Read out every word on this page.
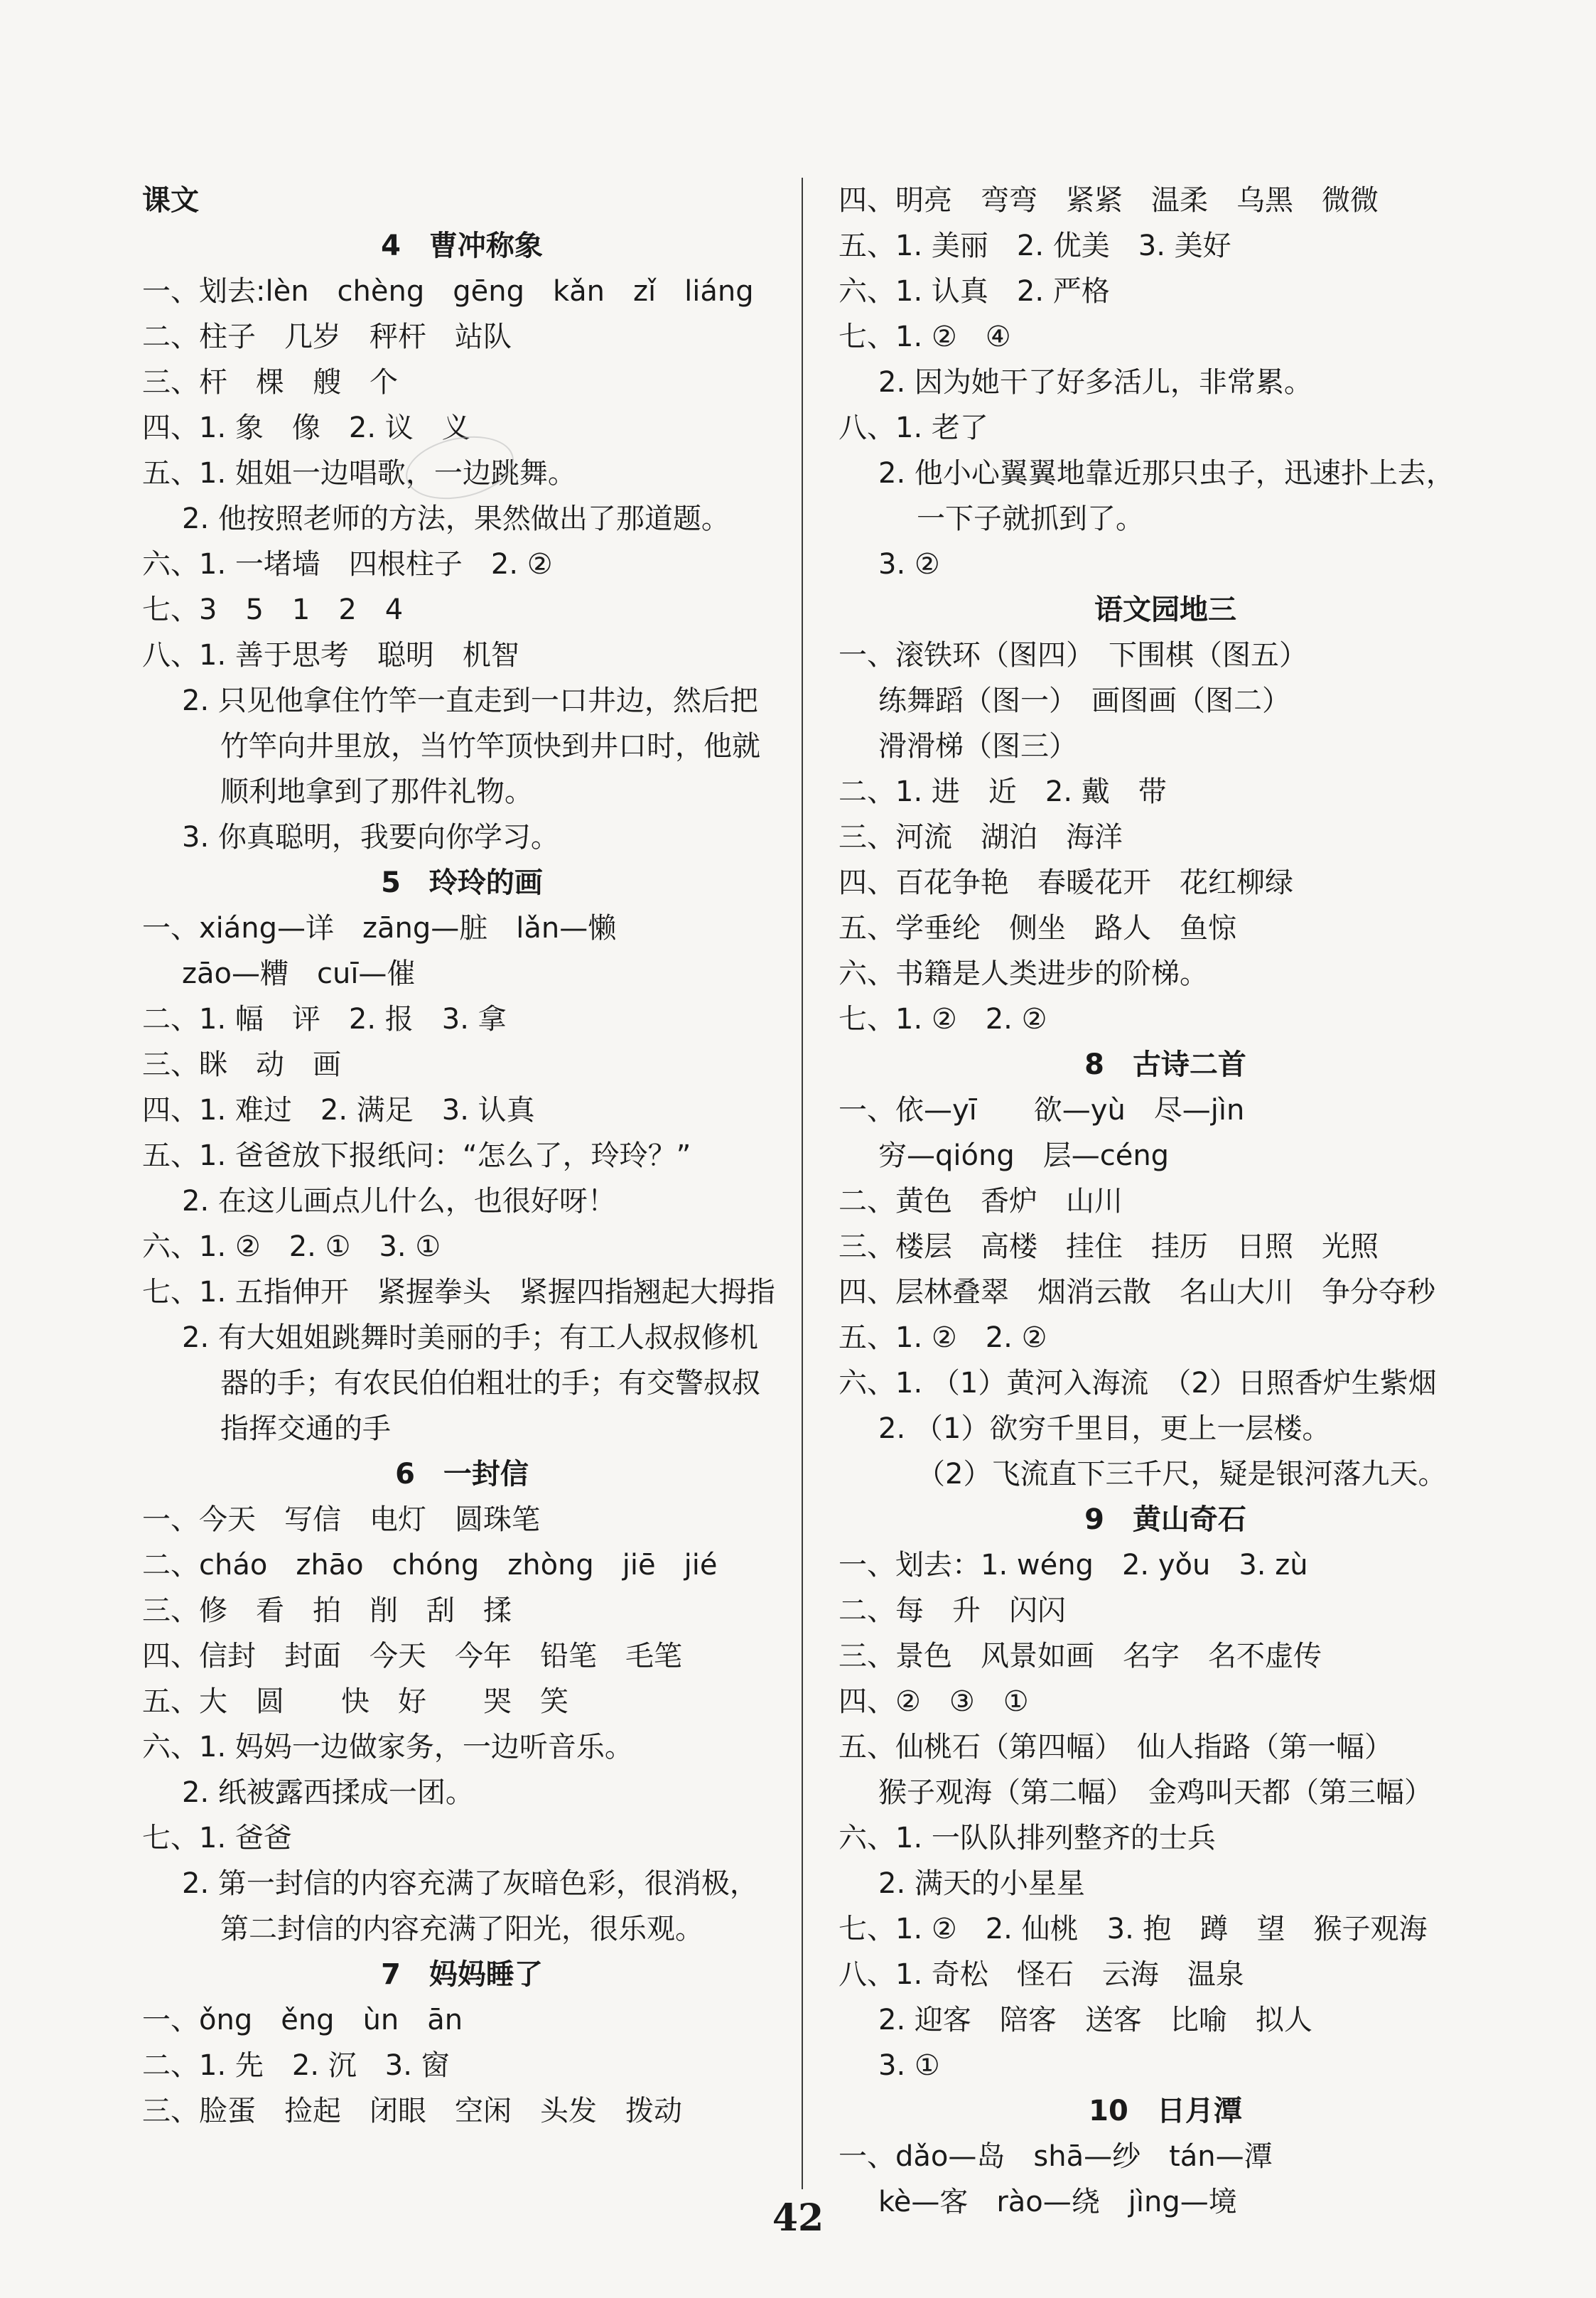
课文
4　曹冲称象
一、划去:lèn　chèng　gēng　kǎn　zǐ　liáng
二、柱子　几岁　秤杆　站队
三、杆　棵　艘　个
四、1. 象　像　2. 议　义
五、1. 姐姐一边唱歌，一边跳舞。
2. 他按照老师的方法，果然做出了那道题。
六、1. 一堵墙　四根柱子　2. ②
七、3　5　1　2　4
八、1. 善于思考　聪明　机智
2. 只见他拿住竹竿一直走到一口井边，然后把
竹竿向井里放，当竹竿顶快到井口时，他就
顺利地拿到了那件礼物。
3. 你真聪明，我要向你学习。
5　玲玲的画
一、xiáng—详　zāng—脏　lǎn—懒
zāo—糟　cuī—催
二、1. 幅　评　2. 报　3. 拿
三、眯　动　画
四、1. 难过　2. 满足　3. 认真
五、1. 爸爸放下报纸问：“怎么了，玲玲？”
2. 在这儿画点儿什么，也很好呀！
六、1. ②　2. ①　3. ①
七、1. 五指伸开　紧握拳头　紧握四指翘起大拇指
2. 有大姐姐跳舞时美丽的手；有工人叔叔修机
器的手；有农民伯伯粗壮的手；有交警叔叔
指挥交通的手
6　一封信
一、今天　写信　电灯　圆珠笔
二、cháo　zhāo　chóng　zhòng　jiē　jié
三、修　看　拍　削　刮　揉
四、信封　封面　今天　今年　铅笔　毛笔
五、大　圆　　快　好　　哭　笑
六、1. 妈妈一边做家务，一边听音乐。
2. 纸被露西揉成一团。
七、1. 爸爸
2. 第一封信的内容充满了灰暗色彩，很消极，
第二封信的内容充满了阳光，很乐观。
7　妈妈睡了
一、ǒng　ěng　ùn　ān
二、1. 先　2. 沉　3. 窗
三、脸蛋　捡起　闭眼　空闲　头发　拨动
四、明亮　弯弯　紧紧　温柔　乌黑　微微
五、1. 美丽　2. 优美　3. 美好
六、1. 认真　2. 严格
七、1. ②　④
2. 因为她干了好多活儿，非常累。
八、1. 老了
2. 他小心翼翼地靠近那只虫子，迅速扑上去，
一下子就抓到了。
3. ②
语文园地三
一、滚铁环（图四）　下围棋（图五）
练舞蹈（图一）　画图画（图二）
滑滑梯（图三）
二、1. 进　近　2. 戴　带
三、河流　湖泊　海洋
四、百花争艳　春暖花开　花红柳绿
五、学垂纶　侧坐　路人　鱼惊
六、书籍是人类进步的阶梯。
七、1. ②　2. ②
8　古诗二首
一、依—yī　　欲—yù　尽—jìn
穷—qióng　层—céng
二、黄色　香炉　山川
三、楼层　高楼　挂住　挂历　日照　光照
四、层林叠翠　烟消云散　名山大川　争分夺秒
五、1. ②　2. ②
六、1. （1）黄河入海流　（2）日照香炉生紫烟
2. （1）欲穷千里目，更上一层楼。
（2）飞流直下三千尺，疑是银河落九天。
9　黄山奇石
一、划去：1. wéng　2. yǒu　3. zù
二、每　升　闪闪
三、景色　风景如画　名字　名不虚传
四、②　③　①
五、仙桃石（第四幅）　仙人指路（第一幅）
猴子观海（第二幅）　金鸡叫天都（第三幅）
六、1. 一队队排列整齐的士兵
2. 满天的小星星
七、1. ②　2. 仙桃　3. 抱　蹲　望　猴子观海
八、1. 奇松　怪石　云海　温泉
2. 迎客　陪客　送客　比喻　拟人
3. ①
10　日月潭
一、dǎo—岛　shā—纱　tán—潭
kè—客　rào—绕　jìng—境
42
